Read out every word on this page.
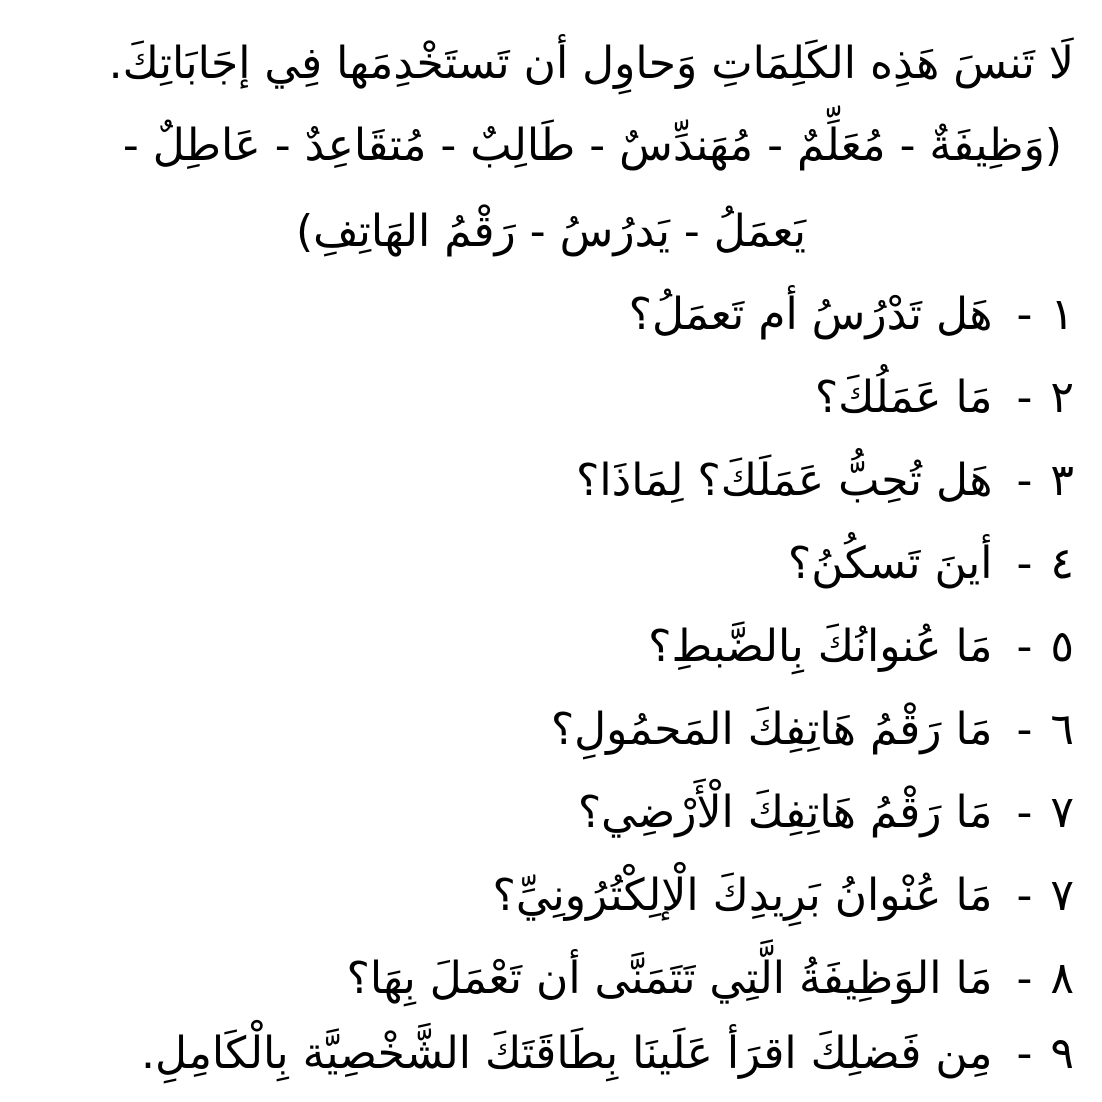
لَا تَنسَ هَذِه الكَلِمَاتِ وَحاوِل أن تَستَخْدِمَها فِي إجَابَاتِكَ.
(وَظِيفَةٌ - مُعَلِّمٌ - مُهَندِّسٌ - طَالِبٌ - مُتقَاعِدٌ - عَاطِلٌ -
يَعمَلُ - يَدرُسُ - رَقْمُ الهَاتِفِ)
١
-
هَل تَدْرُسُ أم تَعمَلُ؟
٢
-
مَا عَمَلُكَ؟
٣
-
هَل تُحِبُّ عَمَلَكَ؟ لِمَاذَا؟
٤
-
أينَ تَسكُنُ؟
٥
-
مَا عُنوانُكَ بِالضَّبطِ؟
٦
-
مَا رَقْمُ هَاتِفِكَ المَحمُولِ؟
٧
-
مَا رَقْمُ هَاتِفِكَ الْأَرْضِي؟
٧
-
مَا عُنْوانُ بَرِيدِكَ الْإلِكْتُرُونِيِّ؟
٨
-
مَا الوَظِيفَةُ الَّتِي تَتَمَنَّى أن تَعْمَلَ بِهَا؟
٩
-
مِن فَضلِكَ اقرَأ عَلَينَا بِطَاقَتَكَ الشَّخْصِيَّة بِالْكَامِلِ.
